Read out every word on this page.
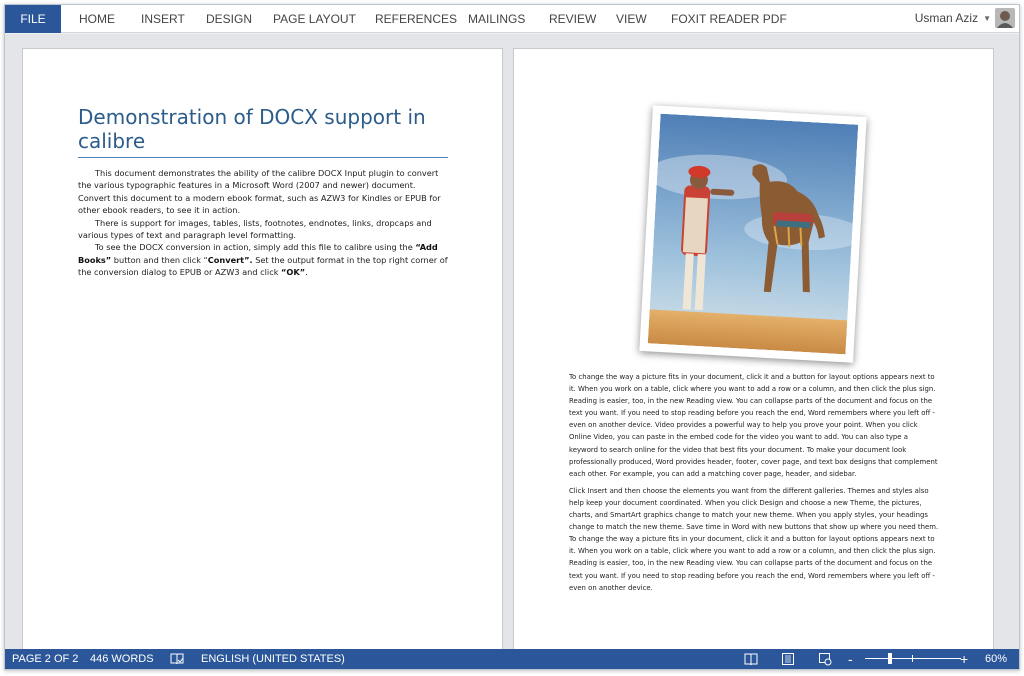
FILE	HOME INSERT DESIGN PAGE LAYOUT REFERENCES MAILINGS REVIEW VIEW FOXIT READER PDF	Usman Aziz ▼
Demonstration of DOCX support in calibre

This document demonstrates the ability of the calibre DOCX Input plugin to convert the various typographic features in a Microsoft Word (2007 and newer) document. Convert this document to a modern ebook format, such as AZW3 for Kindles or EPUB for other ebook readers, to see it in action.

There is support for images, tables, lists, footnotes, endnotes, links, dropcaps and various types of text and paragraph level formatting.

To see the DOCX conversion in action, simply add this file to calibre using the “Add Books” button and then click “Convert”. Set the output format in the top right corner of the conversion dialog to EPUB or AZW3 and click “OK”.

To change the way a picture fits in your document, click it and a button for layout options appears next to it. When you work on a table, click where you want to add a row or a column, and then click the plus sign. Reading is easier, too, in the new Reading view. You can collapse parts of the document and focus on the text you want. If you need to stop reading before you reach the end, Word remembers where you left off - even on another device. Video provides a powerful way to help you prove your point. When you click Online Video, you can paste in the embed code for the video you want to add. You can also type a keyword to search online for the video that best fits your document. To make your document look professionally produced, Word provides header, footer, cover page, and text box designs that complement each other. For example, you can add a matching cover page, header, and sidebar.

Click Insert and then choose the elements you want from the different galleries. Themes and styles also help keep your document coordinated. When you click Design and choose a new Theme, the pictures, charts, and SmartArt graphics change to match your new theme. When you apply styles, your headings change to match the new theme. Save time in Word with new buttons that show up where you need them. To change the way a picture fits in your document, click it and a button for layout options appears next to it. When you work on a table, click where you want to add a row or a column, and then click the plus sign. Reading is easier, too, in the new Reading view. You can collapse parts of the document and focus on the text you want. If you need to stop reading before you reach the end, Word remembers where you left off - even on another device.

PAGE 2 OF 2 446 WORDS	ENGLISH (UNITED STATES)	-	+ 60%
